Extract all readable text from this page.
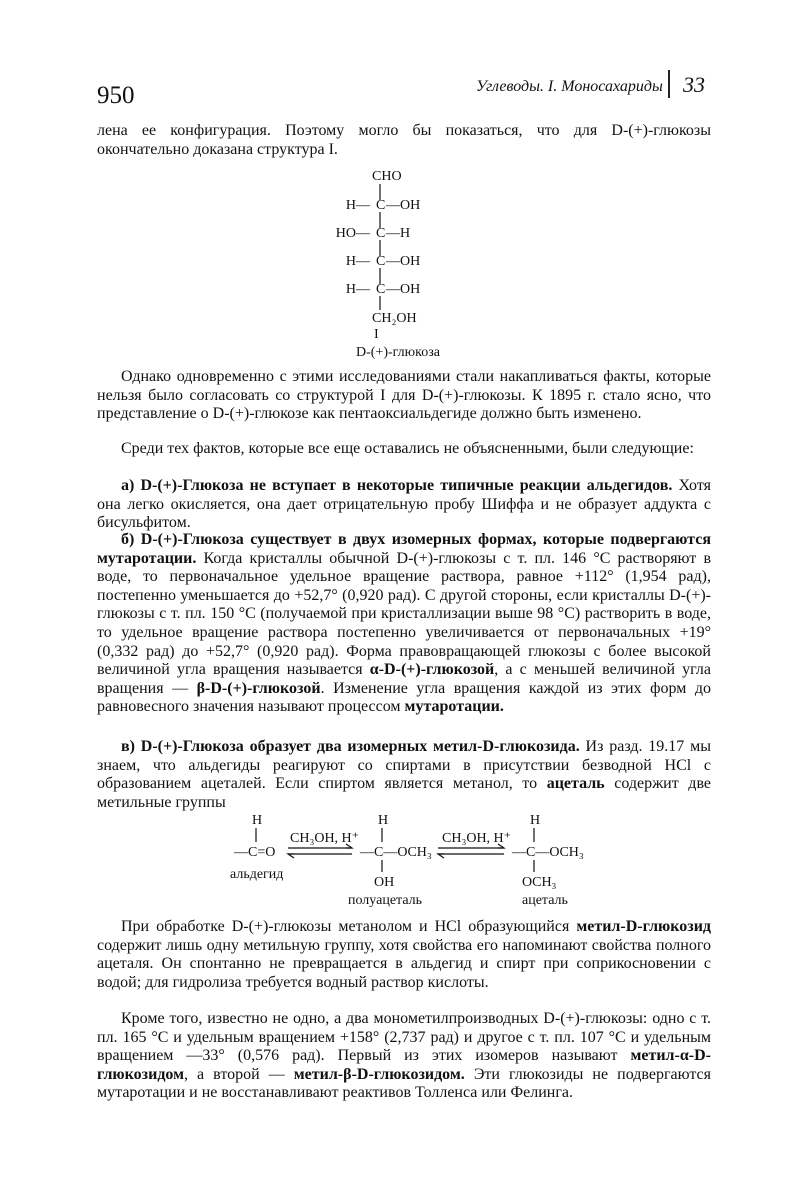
950	Углеводы. I. Моносахариды 33

лена ее конфигурация. Поэтому могло бы показаться, что для D-(+)-глюкозы окончательно доказана структура I.

CHO
H— C —OH
HO— C —H
H— C —OH
H— C —OH
CH₂OH
I
D-(+)-глюкоза

Однако одновременно с этими исследованиями стали накапливаться факты, которые нельзя было согласовать со структурой I для D-(+)-глюкозы. К 1895 г. стало ясно, что представление о D-(+)-глюкозе как пентаоксиальдегиде должно быть изменено.

Среди тех фактов, которые все еще оставались не объясненными, были следующие:

а) D-(+)-Глюкоза не вступает в некоторые типичные реакции альдегидов. Хотя она легко окисляется, она дает отрицательную пробу Шиффа и не образует аддукта с бисульфитом.

б) D-(+)-Глюкоза существует в двух изомерных формах, которые подвергаются мутаротации. Когда кристаллы обычной D-(+)-глюкозы с т. пл. 146 °С растворяют в воде, то первоначальное удельное вращение раствора, равное +112° (1,954 рад), постепенно уменьшается до +52,7° (0,920 рад). С другой стороны, если кристаллы D-(+)-глюкозы с т. пл. 150 °С (получаемой при кристаллизации выше 98 °С) растворить в воде, то удельное вращение раствора постепенно увеличивается от первоначальных +19° (0,332 рад) до +52,7° (0,920 рад). Форма правовращающей глюкозы с более высокой величиной угла вращения называется α-D-(+)-глюкозой, а с меньшей величиной угла вращения — β-D-(+)-глюкозой. Изменение угла вращения каждой из этих форм до равновесного значения называют процессом мутаротации.

в) D-(+)-Глюкоза образует два изомерных метил-D-глюкозида. Из разд. 19.17 мы знаем, что альдегиды реагируют со спиртами в присутствии безводной HCl с образованием ацеталей. Если спиртом является метанол, то ацеталь содержит две метильные группы

H
—C=O
альдегид
CH₃OH, H⁺
H
—C—OCH₃
OH
полуацеталь
CH₃OH, H⁺
H
—C—OCH₃
OCH₃
ацеталь

При обработке D-(+)-глюкозы метанолом и HCl образующийся метил-D-глюкозид содержит лишь одну метильную группу, хотя свойства его напоминают свойства полного ацеталя. Он спонтанно не превращается в альдегид и спирт при соприкосновении с водой; для гидролиза требуется водный раствор кислоты.

Кроме того, известно не одно, а два монометилпроизводных D-(+)-глюкозы: одно с т. пл. 165 °С и удельным вращением +158° (2,737 рад) и другое с т. пл. 107 °С и удельным вращением —33° (0,576 рад). Первый из этих изомеров называют метил-α-D-глюкозидом, а второй — метил-β-D-глюкозидом. Эти глюкозиды не подвергаются мутаротации и не восстанавливают реактивов Толленса или Фелинга.
